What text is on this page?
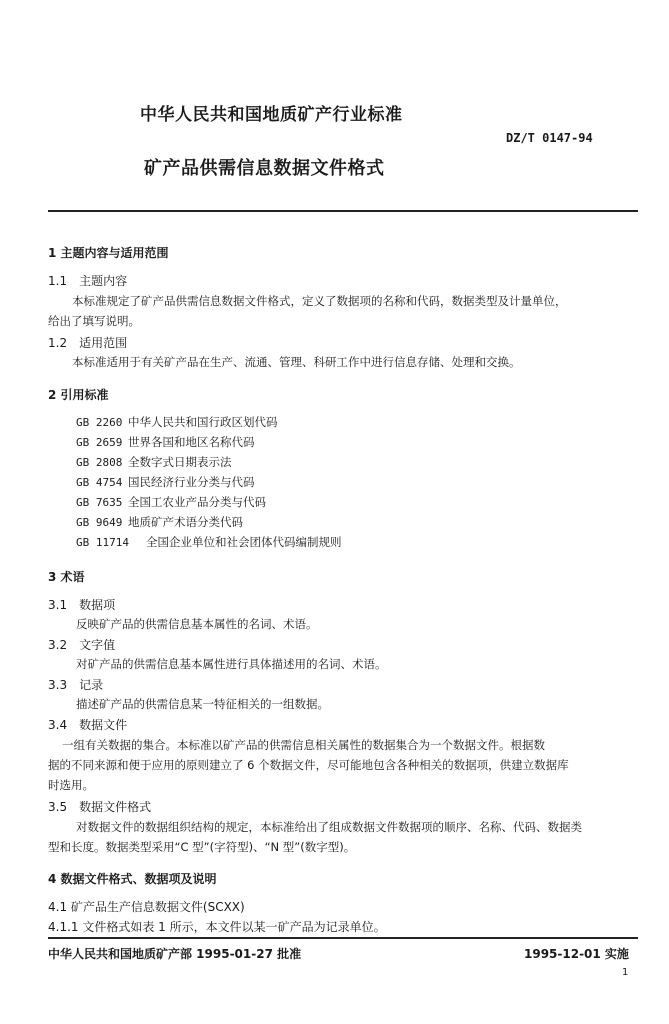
中华人民共和国地质矿产行业标准
DZ/T 0147-94
矿产品供需信息数据文件格式
1 主题内容与适用范围
1.1 主题内容
本标准规定了矿产品供需信息数据文件格式，定义了数据项的名称和代码，数据类型及计量单位，
给出了填写说明。
1.2 适用范围
本标准适用于有关矿产品在生产、流通、管理、科研工作中进行信息存储、处理和交换。
2 引用标准
GB 2260 中华人民共和国行政区划代码
GB 2659 世界各国和地区名称代码
GB 2808 全数字式日期表示法
GB 4754 国民经济行业分类与代码
GB 7635 全国工农业产品分类与代码
GB 9649 地质矿产术语分类代码
GB 11714 全国企业单位和社会团体代码编制规则
3 术语
3.1 数据项
反映矿产品的供需信息基本属性的名词、术语。
3.2 文字值
对矿产品的供需信息基本属性进行具体描述用的名词、术语。
3.3 记录
描述矿产品的供需信息某一特征相关的一组数据。
3.4 数据文件
一组有关数据的集合。本标准以矿产品的供需信息相关属性的数据集合为一个数据文件。根据数
据的不同来源和便于应用的原则建立了 6 个数据文件，尽可能地包含各种相关的数据项，供建立数据库
时选用。
3.5 数据文件格式
对数据文件的数据组织结构的规定，本标准给出了组成数据文件数据项的顺序、名称、代码、数据类
型和长度。数据类型采用“C 型”(字符型)、“N 型”(数字型)。
4 数据文件格式、数据项及说明
4.1 矿产品生产信息数据文件(SCXX)
4.1.1 文件格式如表 1 所示，本文件以某一矿产品为记录单位。
中华人民共和国地质矿产部 1995-01-27 批准	1995-12-01 实施
1
